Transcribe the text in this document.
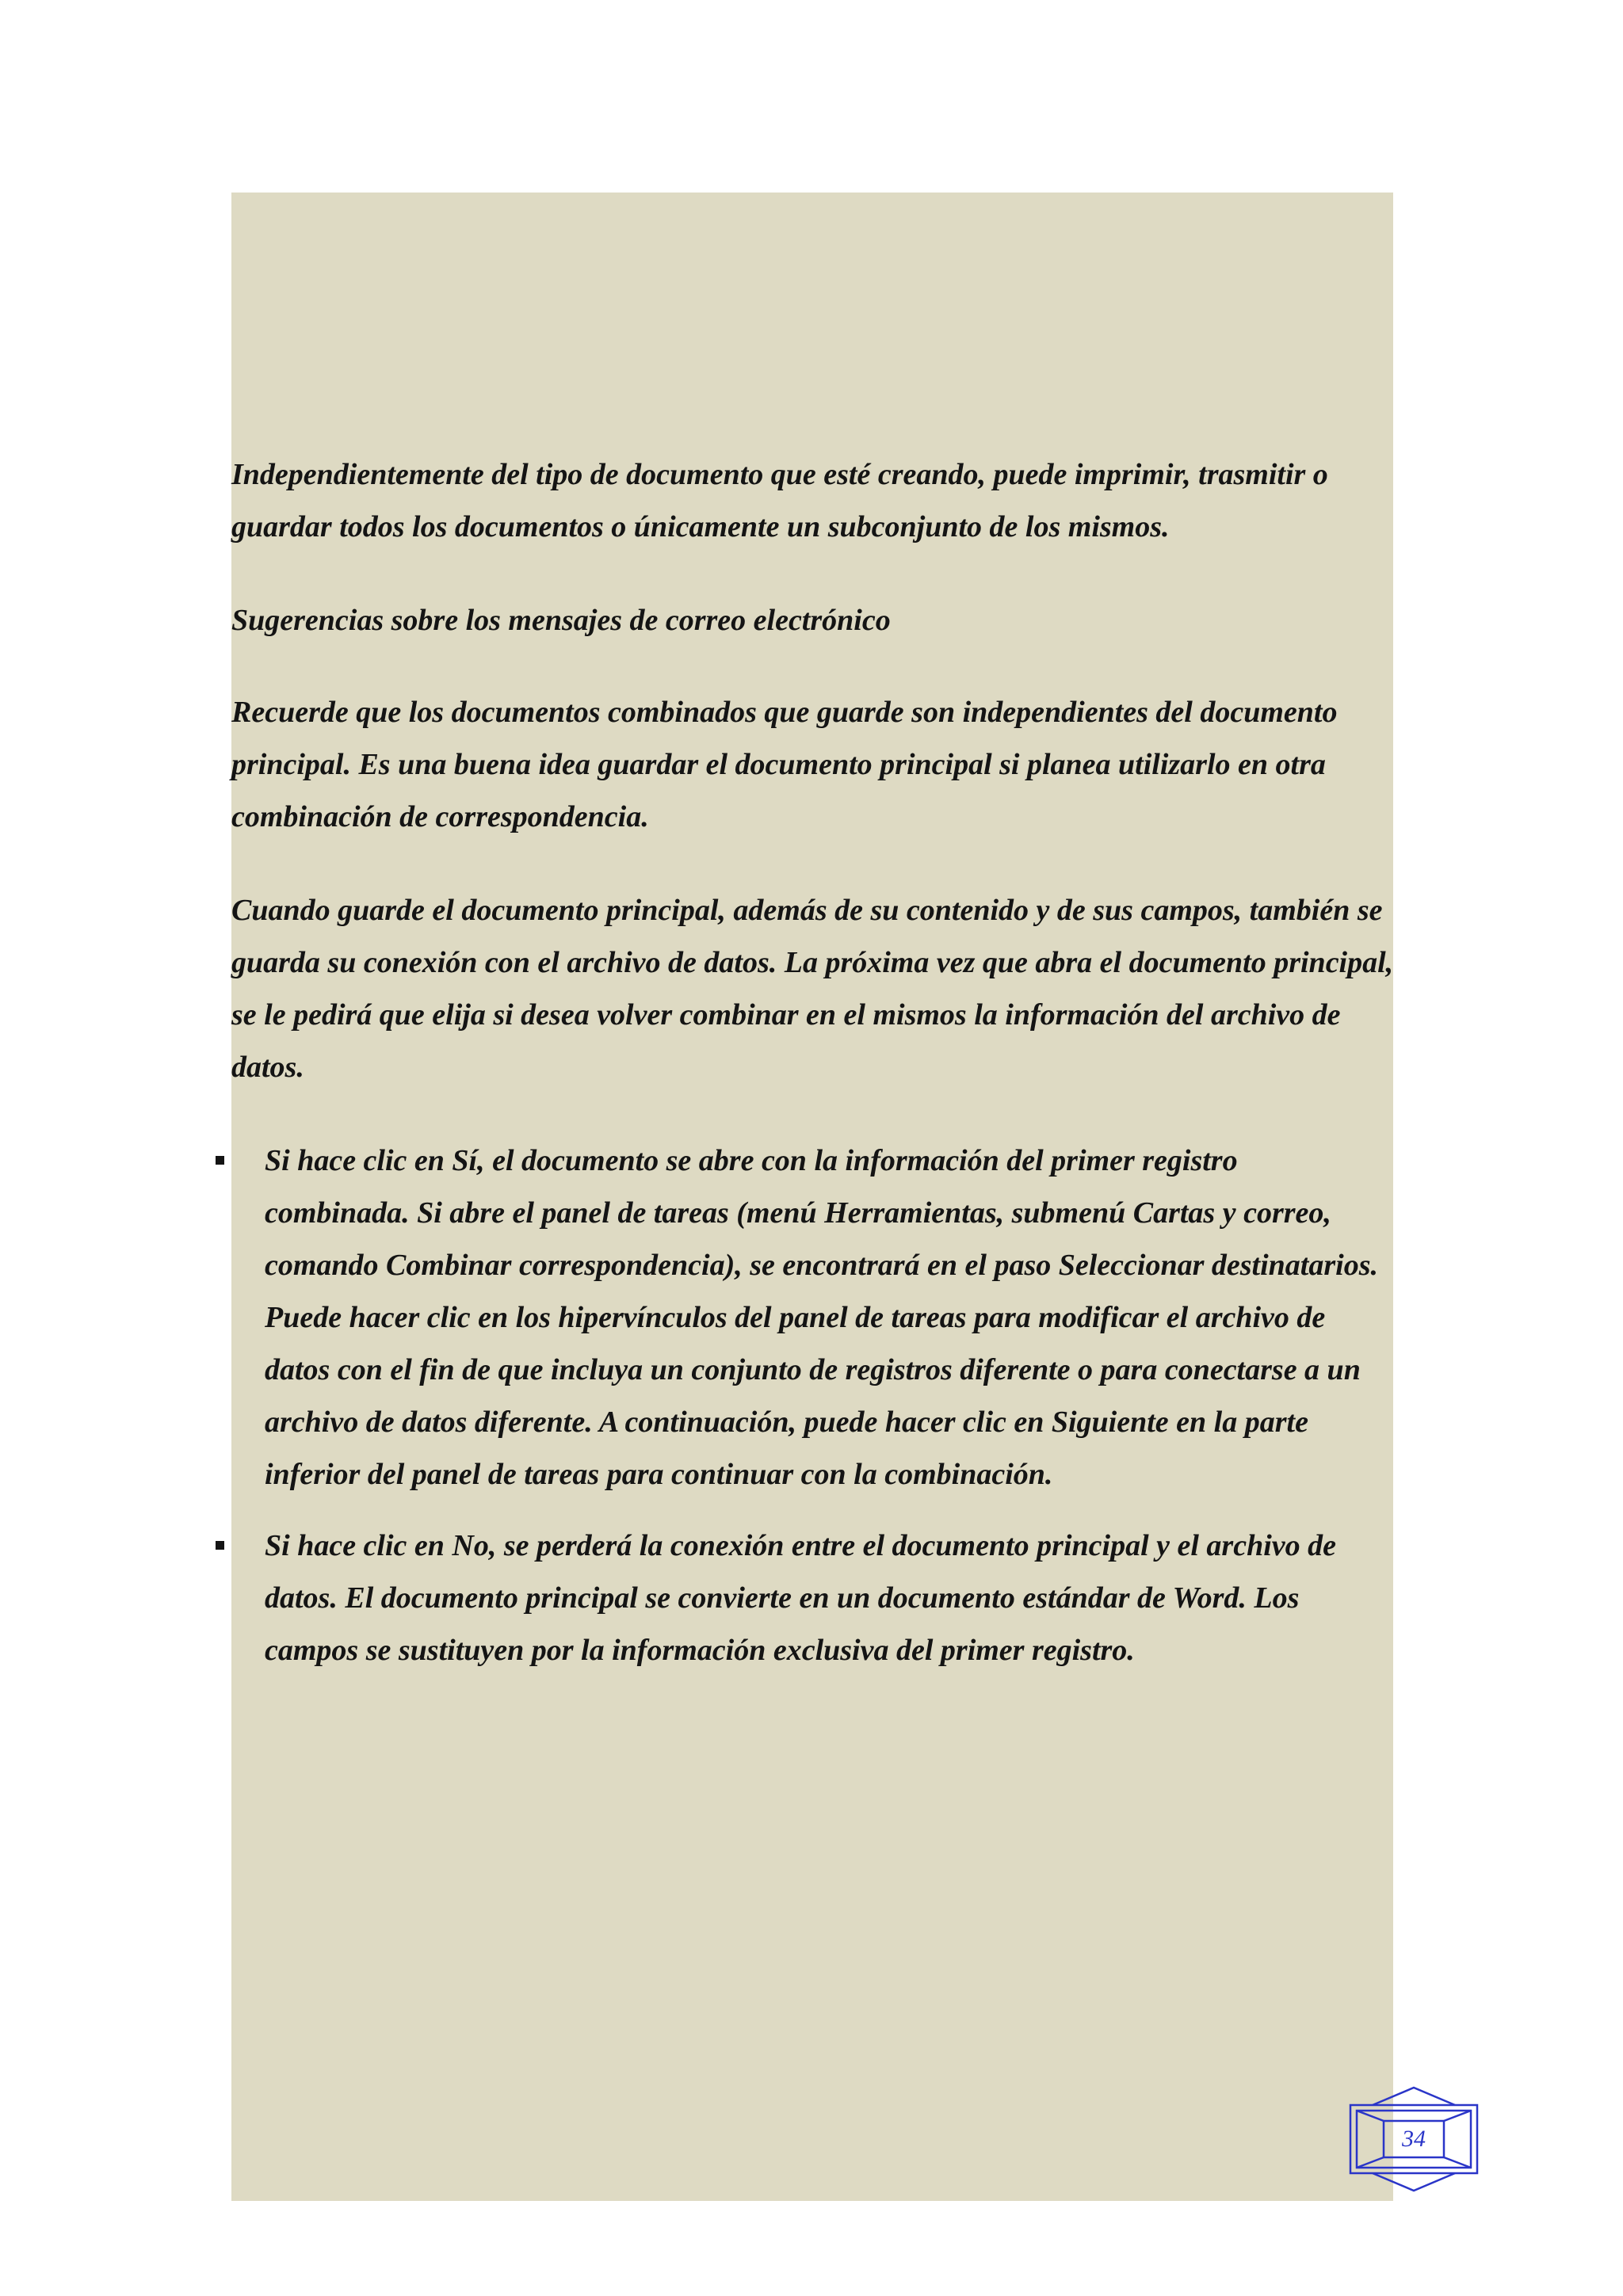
Independientemente del tipo de documento que esté creando, puede imprimir, trasmitir o guardar todos los documentos o únicamente un subconjunto de los mismos.

Sugerencias sobre los mensajes de correo electrónico

Recuerde que los documentos combinados que guarde son independientes del documento principal. Es una buena idea guardar el documento principal si planea utilizarlo en otra combinación de correspondencia.

Cuando guarde el documento principal, además de su contenido y de sus campos, también se guarda su conexión con el archivo de datos. La próxima vez que abra el documento principal, se le pedirá que elija si desea volver combinar en el mismos la información del archivo de datos.

Si hace clic en Sí, el documento se abre con la información del primer registro combinada. Si abre el panel de tareas (menú Herramientas, submenú Cartas y correo, comando Combinar correspondencia), se encontrará en el paso Seleccionar destinatarios. Puede hacer clic en los hipervínculos del panel de tareas para modificar el archivo de datos con el fin de que incluya un conjunto de registros diferente o para conectarse a un archivo de datos diferente. A continuación, puede hacer clic en Siguiente en la parte inferior del panel de tareas para continuar con la combinación.
Si hace clic en No, se perderá la conexión entre el documento principal y el archivo de datos. El documento principal se convierte en un documento estándar de Word. Los campos se sustituyen por la información exclusiva del primer registro.
34
